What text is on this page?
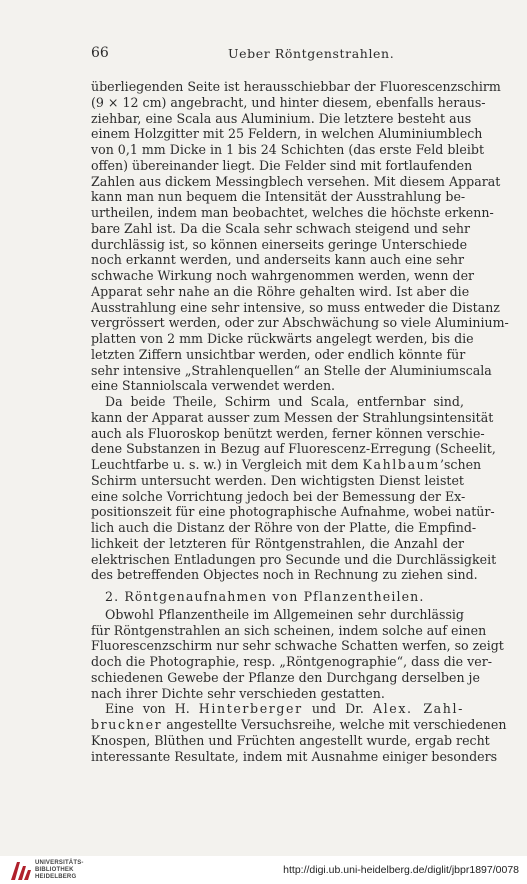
66	Ueber Röntgenstrahlen.
überliegenden Seite ist herausschiebbar der Fluorescenzschirm
(9 × 12 cm) angebracht, und hinter diesem, ebenfalls heraus-
ziehbar, eine Scala aus Aluminium. Die letztere besteht aus
einem Holzgitter mit 25 Feldern, in welchen Aluminiumblech
von 0,1 mm Dicke in 1 bis 24 Schichten (das erste Feld bleibt
offen) übereinander liegt. Die Felder sind mit fortlaufenden
Zahlen aus dickem Messingblech versehen. Mit diesem Apparat
kann man nun bequem die Intensität der Ausstrahlung be-
urtheilen, indem man beobachtet, welches die höchste erkenn-
bare Zahl ist. Da die Scala sehr schwach steigend und sehr
durchlässig ist, so können einerseits geringe Unterschiede
noch erkannt werden, und anderseits kann auch eine sehr
schwache Wirkung noch wahrgenommen werden, wenn der
Apparat sehr nahe an die Röhre gehalten wird. Ist aber die
Ausstrahlung eine sehr intensive, so muss entweder die Distanz
vergrössert werden, oder zur Abschwächung so viele Aluminium-
platten von 2 mm Dicke rückwärts angelegt werden, bis die
letzten Ziffern unsichtbar werden, oder endlich könnte für
sehr intensive „Strahlenquellen“ an Stelle der Aluminiumscala
eine Stanniolscala verwendet werden.
Da beide Theile, Schirm und Scala, entfernbar sind,
kann der Apparat ausser zum Messen der Strahlungsintensität
auch als Fluoroskop benützt werden, ferner können verschie-
dene Substanzen in Bezug auf Fluorescenz-Erregung (Scheelit,
Leuchtfarbe u. s. w.) in Vergleich mit dem Kahlbaum’schen
Schirm untersucht werden. Den wichtigsten Dienst leistet
eine solche Vorrichtung jedoch bei der Bemessung der Ex-
positionszeit für eine photographische Aufnahme, wobei natür-
lich auch die Distanz der Röhre von der Platte, die Empfind-
lichkeit der letzteren für Röntgenstrahlen, die Anzahl der
elektrischen Entladungen pro Secunde und die Durchlässigkeit
des betreffenden Objectes noch in Rechnung zu ziehen sind.
2. Röntgenaufnahmen von Pflanzentheilen.
Obwohl Pflanzentheile im Allgemeinen sehr durchlässig
für Röntgenstrahlen an sich scheinen, indem solche auf einen
Fluorescenzschirm nur sehr schwache Schatten werfen, so zeigt
doch die Photographie, resp. „Röntgenographie“, dass die ver-
schiedenen Gewebe der Pflanze den Durchgang derselben je
nach ihrer Dichte sehr verschieden gestatten.
Eine von H. Hinterberger und Dr. Alex. Zahl-
bruckner angestellte Versuchsreihe, welche mit verschiedenen
Knospen, Blüthen und Früchten angestellt wurde, ergab recht
interessante Resultate, indem mit Ausnahme einiger besonders
UNIVERSITÄTS-
BIBLIOTHEK
HEIDELBERG
http://digi.ub.uni-heidelberg.de/diglit/jbpr1897/0078
